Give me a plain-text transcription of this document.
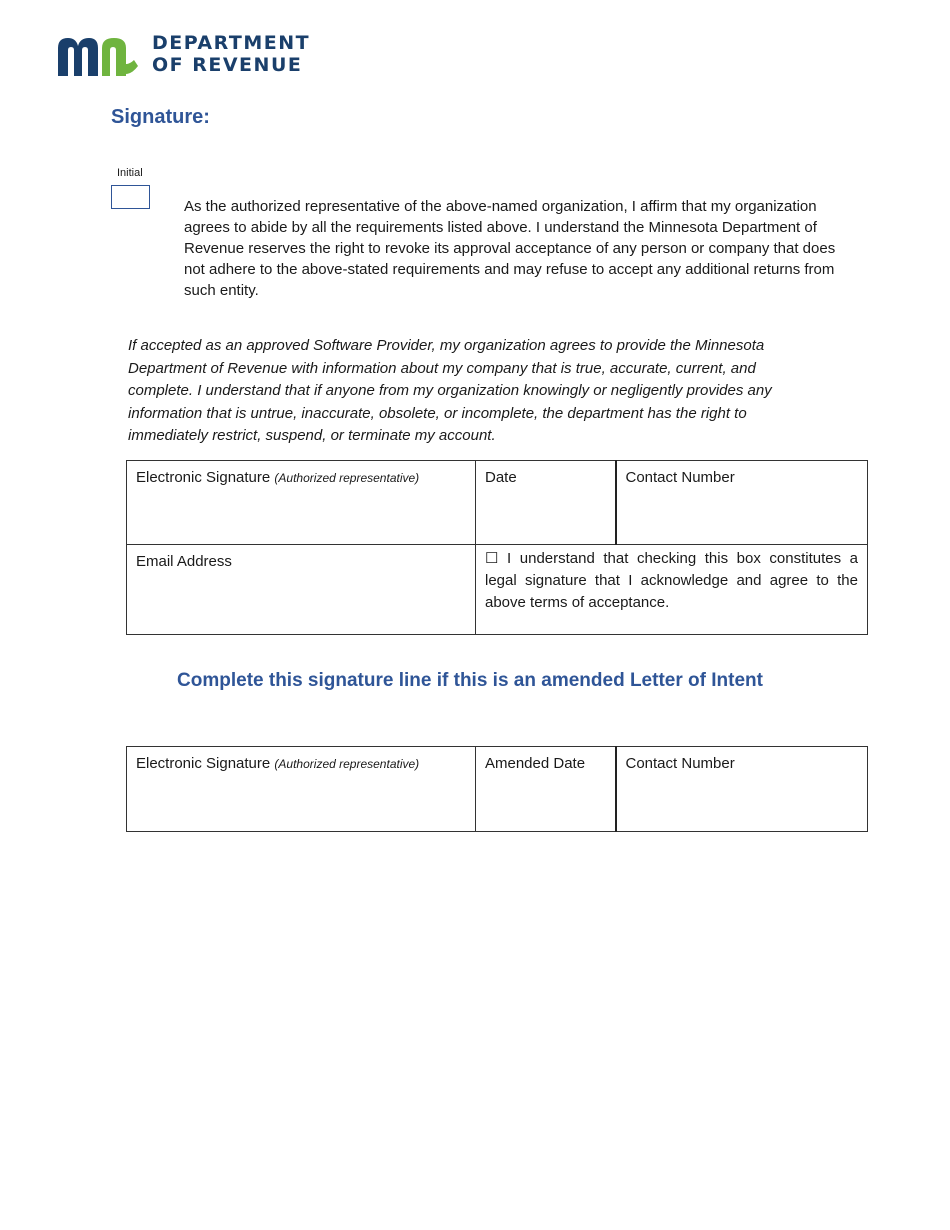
DEPARTMENT
OF REVENUE
Signature:
Initial

As the authorized representative of the above-named organization, I affirm that my organization agrees to abide by all the requirements listed above. I understand the Minnesota Department of Revenue reserves the right to revoke its approval acceptance of any person or company that does not adhere to the above-stated requirements and may refuse to accept any additional returns from such entity.

If accepted as an approved Software Provider, my organization agrees to provide the Minnesota Department of Revenue with information about my company that is true, accurate, current, and complete. I understand that if anyone from my organization knowingly or negligently provides any information that is untrue, inaccurate, obsolete, or incomplete, the department has the right to immediately restrict, suspend, or terminate my account.

Electronic Signature (Authorized representative)	Date	Contact Number
Email Address	☐ I understand that checking this box constitutes a legal signature that I acknowledge and agree to the above terms of acceptance.	
Complete this signature line if this is an amended Letter of Intent
Electronic Signature (Authorized representative)	Amended Date	Contact Number
